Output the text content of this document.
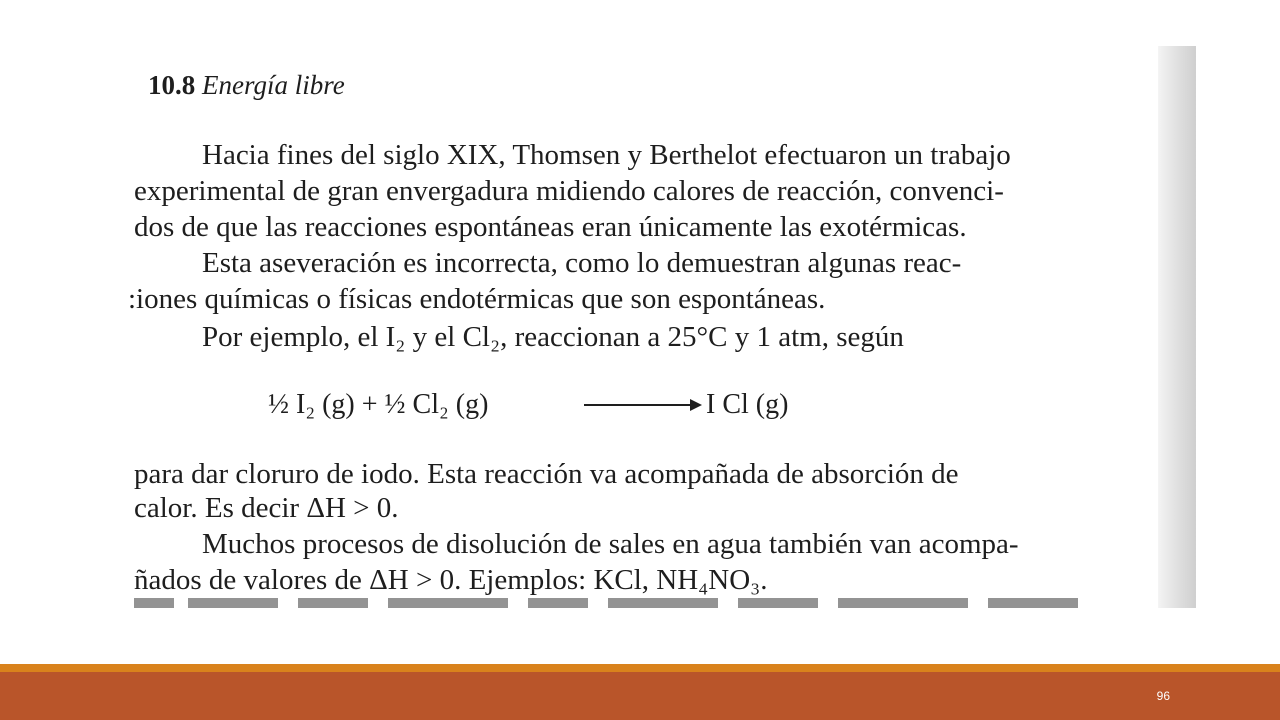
10.8 Energía libre
Hacia fines del siglo XIX, Thomsen y Berthelot efectuaron un trabajo
experimental de gran envergadura midiendo calores de reacción, convenci-
dos de que las reacciones espontáneas eran únicamente las exotérmicas.
Esta aseveración es incorrecta, como lo demuestran algunas reac-
:iones químicas o físicas endotérmicas que son espontáneas.
Por ejemplo, el I₂ y el Cl₂, reaccionan a 25°C y 1 atm, según
½ I₂ (g) + ½ Cl₂ (g)	I Cl (g)
para dar cloruro de iodo. Esta reacción va acompañada de absorción de
calor. Es decir ΔH > 0.
Muchos procesos de disolución de sales en agua también van acompa-
ñados de valores de ΔH > 0. Ejemplos: KCl, NH₄NO₃.
96
